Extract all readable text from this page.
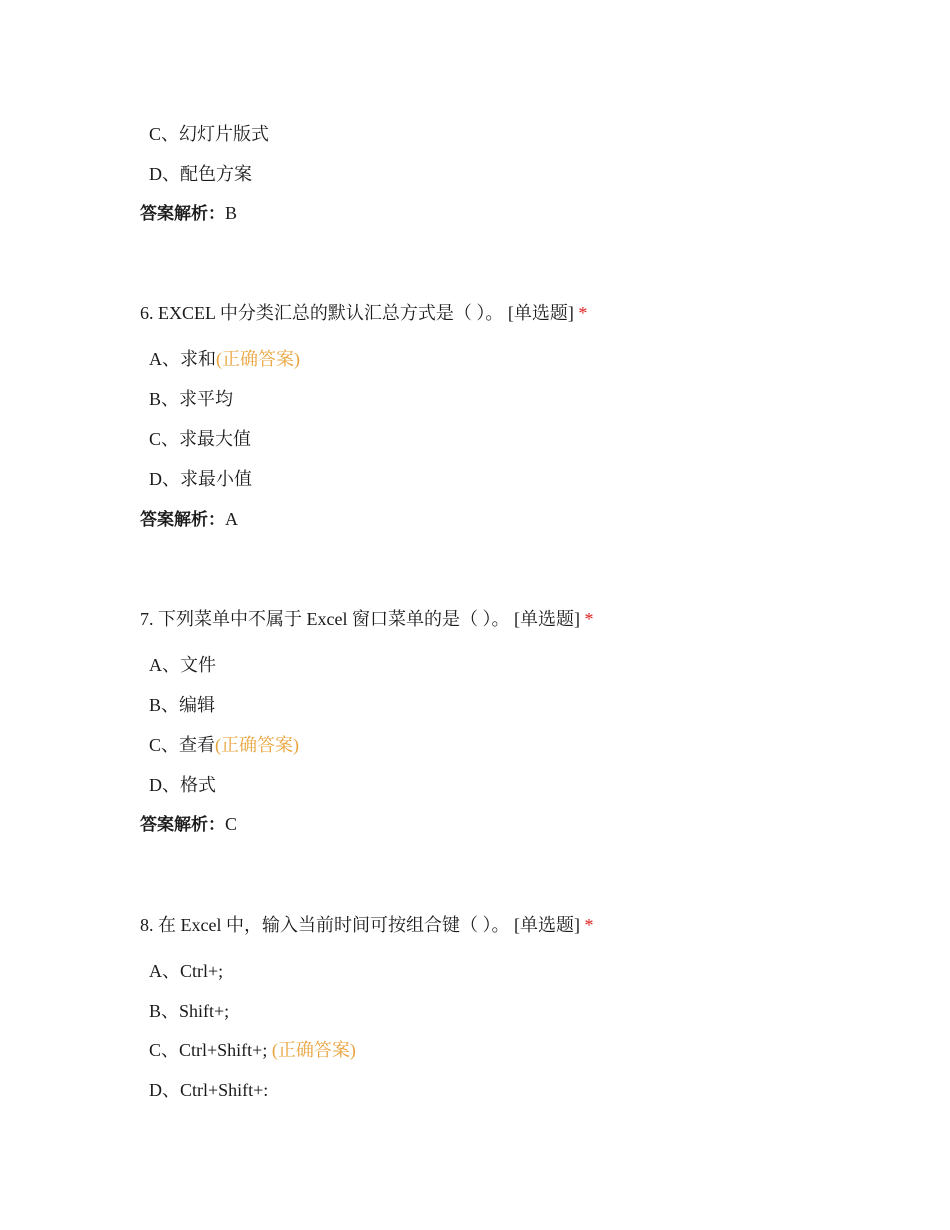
C、幻灯片版式
D、配色方案
答案解析：B
6. EXCEL 中分类汇总的默认汇总方式是（ ）。 [单选题] *
A、求和(正确答案)
B、求平均
C、求最大值
D、求最小值
答案解析：A
7. 下列菜单中不属于 Excel 窗口菜单的是（ ）。 [单选题] *
A、文件
B、编辑
C、查看(正确答案)
D、格式
答案解析：C
8. 在 Excel 中，输入当前时间可按组合键（ ）。 [单选题] *
A、Ctrl+;
B、Shift+;
C、Ctrl+Shift+; (正确答案)
D、Ctrl+Shift+:
